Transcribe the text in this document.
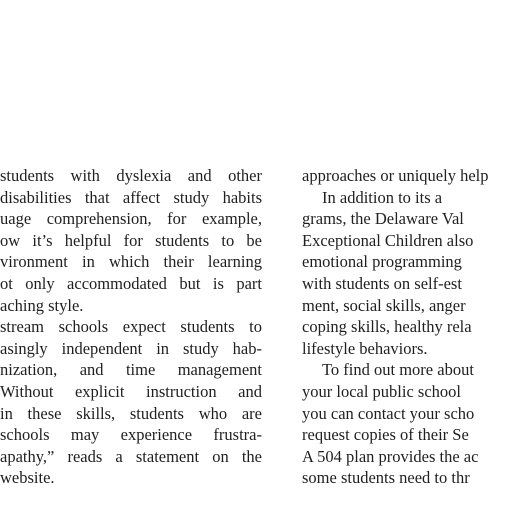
students with dyslexia and other
disabilities that affect study habits
uage comprehension, for example,
ow it’s helpful for students to be
vironment in which their learning
ot only accommodated but is part
aching style.
stream schools expect students to
asingly independent in study hab-
nization, and time management
Without explicit instruction and
in these skills, students who are
schools may experience frustra-
apathy,” reads a statement on the
website.
approaches or uniquely help
In addition to its a
grams, the Delaware Val
Exceptional Children also
emotional programming
with students on self-est
ment, social skills, anger
coping skills, healthy rela
lifestyle behaviors.
To find out more about
your local public school
you can contact your scho
request copies of their Se
A 504 plan provides the ac
some students need to thr
